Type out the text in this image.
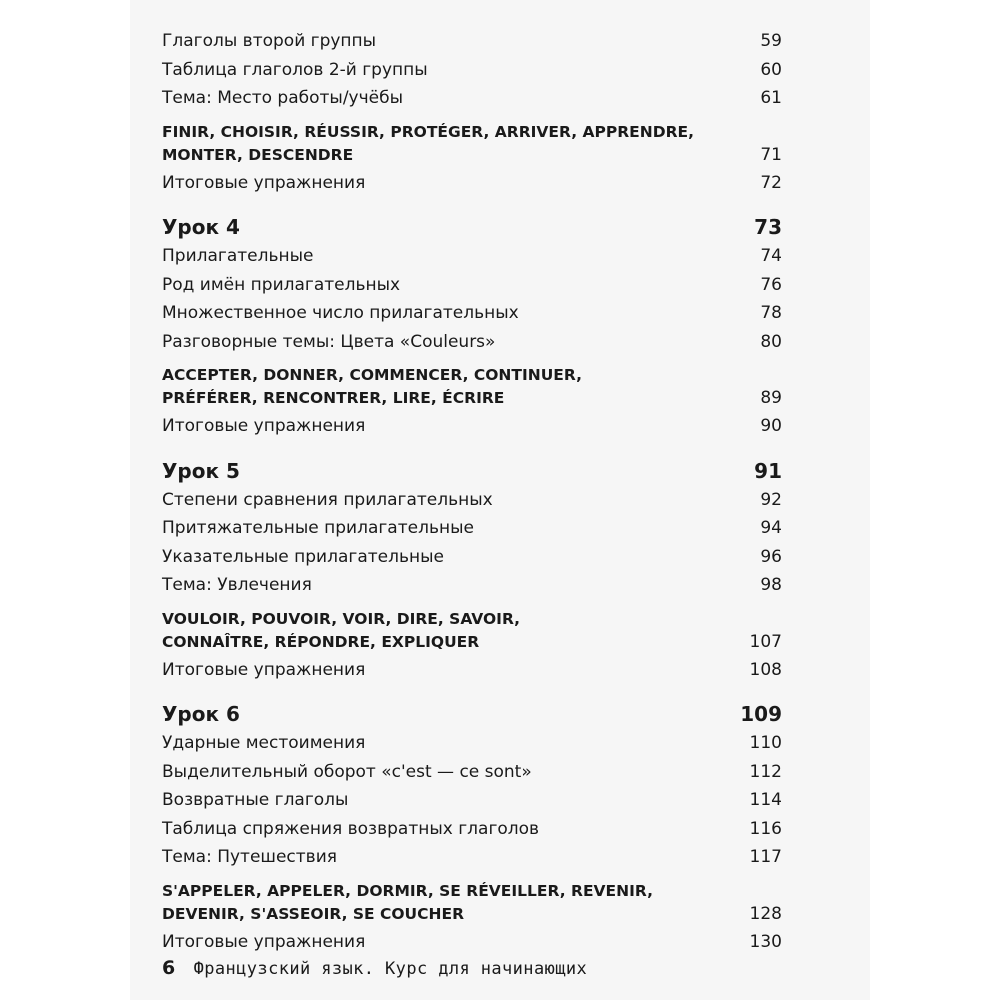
Глаголы второй группы	59
Таблица глаголов 2-й группы	60
Тема: Место работы/учёбы	61
FINIR, CHOISIR, RÉUSSIR, PROTÉGER, ARRIVER, APPRENDRE,
MONTER, DESCENDRE	71
Итоговые упражнения	72
Урок 4	73
Прилагательные	74
Род имён прилагательных	76
Множественное число прилагательных	78
Разговорные темы: Цвета «Couleurs»	80
ACCEPTER, DONNER, COMMENCER, CONTINUER,
PRÉFÉRER, RENCONTRER, LIRE, ÉCRIRE	89
Итоговые упражнения	90
Урок 5	91
Степени сравнения прилагательных	92
Притяжательные прилагательные	94
Указательные прилагательные	96
Тема: Увлечения	98
VOULOIR, POUVOIR, VOIR, DIRE, SAVOIR,
CONNAÎTRE, RÉPONDRE, EXPLIQUER	107
Итоговые упражнения	108
Урок 6	109
Ударные местоимения	110
Выделительный оборот «c'est — ce sont»	112
Возвратные глаголы	114
Таблица спряжения возвратных глаголов	116
Тема: Путешествия	117
S'APPELER, APPELER, DORMIR, SE RÉVEILLER, REVENIR,
DEVENIR, S'ASSEOIR, SE COUCHER	128
Итоговые упражнения	130
6 Французский язык. Курс для начинающих
